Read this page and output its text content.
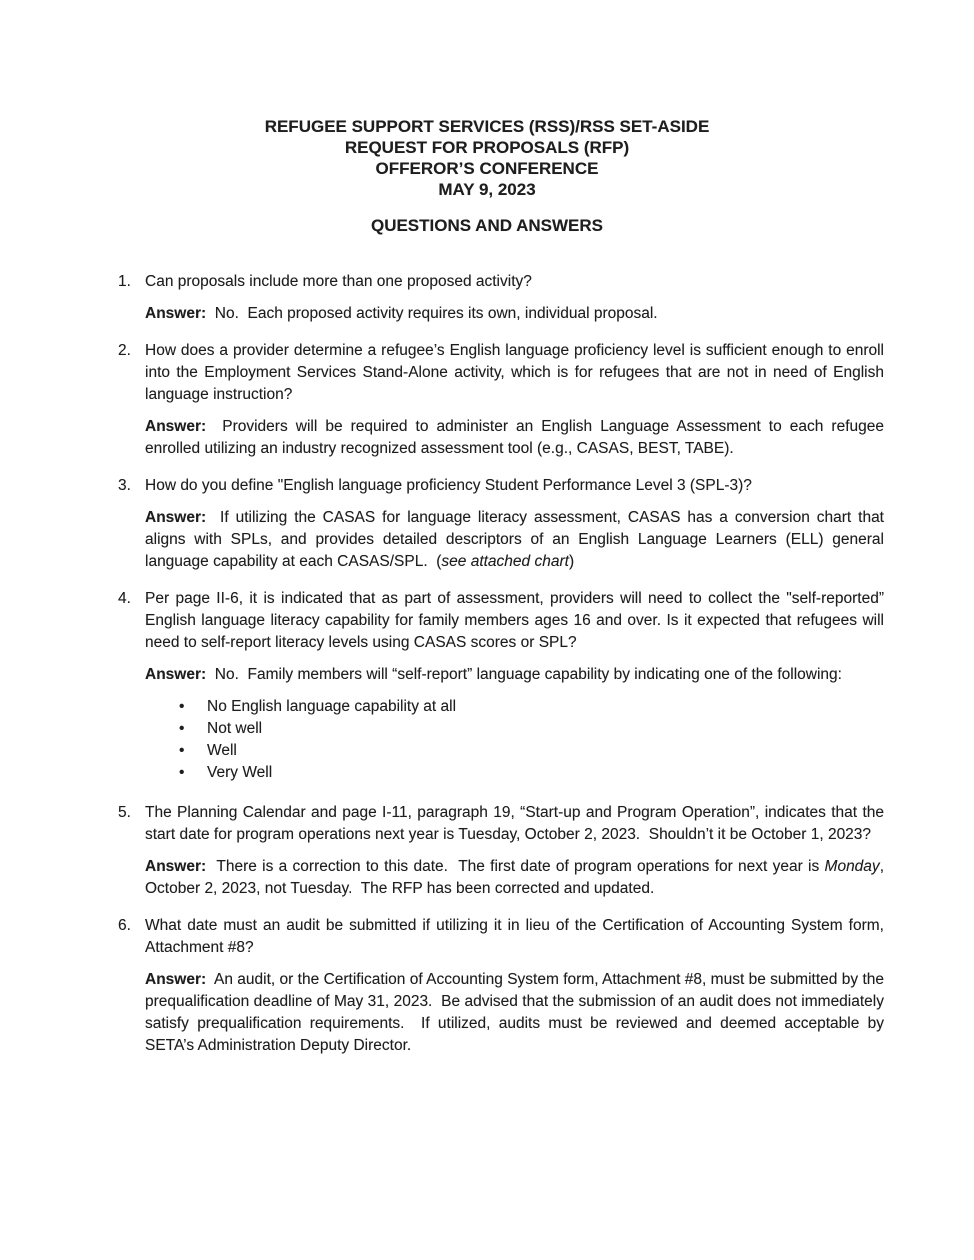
REFUGEE SUPPORT SERVICES (RSS)/RSS SET-ASIDE
REQUEST FOR PROPOSALS (RFP)
OFFEROR’S CONFERENCE
MAY 9, 2023
QUESTIONS AND ANSWERS
1. Can proposals include more than one proposed activity?

Answer:  No.  Each proposed activity requires its own, individual proposal.

2. How does a provider determine a refugee’s English language proficiency level is sufficient enough to enroll into the Employment Services Stand-Alone activity, which is for refugees that are not in need of English language instruction?

Answer:  Providers will be required to administer an English Language Assessment to each refugee enrolled utilizing an industry recognized assessment tool (e.g., CASAS, BEST, TABE).

3. How do you define "English language proficiency Student Performance Level 3 (SPL-3)?

Answer:  If utilizing the CASAS for language literacy assessment, CASAS has a conversion chart that aligns with SPLs, and provides detailed descriptors of an English Language Learners (ELL) general language capability at each CASAS/SPL.  (see attached chart)

4. Per page II-6, it is indicated that as part of assessment, providers will need to collect the "self-reported” English language literacy capability for family members ages 16 and over. Is it expected that refugees will need to self-report literacy levels using CASAS scores or SPL?

Answer:  No.  Family members will “self-report” language capability by indicating one of the following:

• No English language capability at all
• Not well
• Well
• Very Well
5. The Planning Calendar and page I-11, paragraph 19, “Start-up and Program Operation”, indicates that the start date for program operations next year is Tuesday, October 2, 2023.  Shouldn’t it be October 1, 2023?

Answer:  There is a correction to this date.  The first date of program operations for next year is Monday, October 2, 2023, not Tuesday.  The RFP has been corrected and updated.

6. What date must an audit be submitted if utilizing it in lieu of the Certification of Accounting System form, Attachment #8?

Answer:  An audit, or the Certification of Accounting System form, Attachment #8, must be submitted by the prequalification deadline of May 31, 2023.  Be advised that the submission of an audit does not immediately satisfy prequalification requirements.  If utilized, audits must be reviewed and deemed acceptable by SETA’s Administration Deputy Director.
